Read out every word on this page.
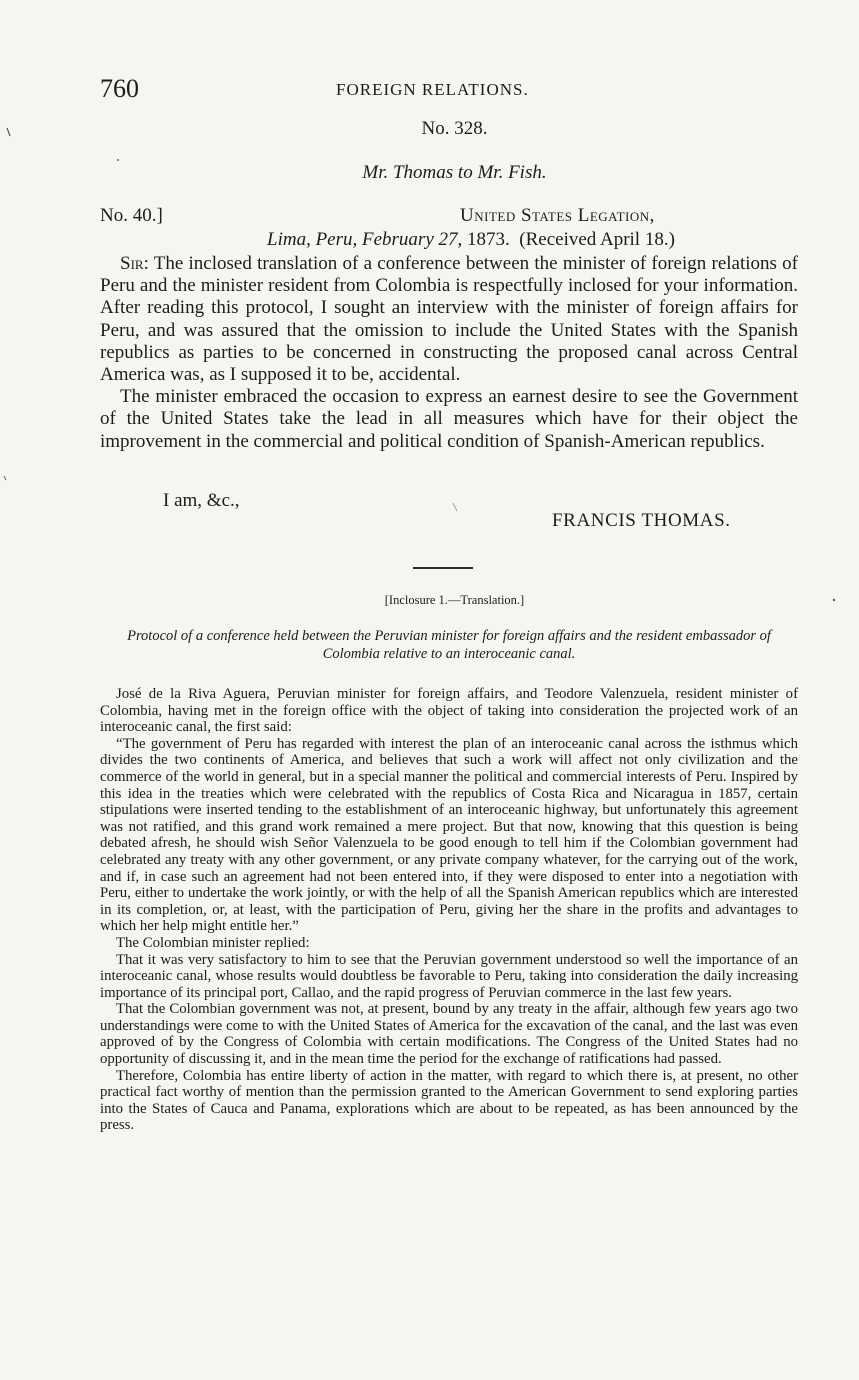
760	FOREIGN RELATIONS.
No. 328.
Mr. Thomas to Mr. Fish.
No. 40.]	United States Legation,
Lima, Peru, February 27, 1873. (Received April 18.)

Sir: The inclosed translation of a conference between the minister of foreign relations of Peru and the minister resident from Colombia is respectfully inclosed for your information. After reading this protocol, I sought an interview with the minister of foreign affairs for Peru, and was assured that the omission to include the United States with the Spanish republics as parties to be concerned in constructing the proposed canal across Central America was, as I supposed it to be, accidental.

The minister embraced the occasion to express an earnest desire to see the Government of the United States take the lead in all measures which have for their object the improvement in the commercial and political condition of Spanish-American republics.

I am, &c.,
FRANCIS THOMAS.
[Inclosure 1.—Translation.]
Protocol of a conference held between the Peruvian minister for foreign affairs and the resident embassador of Colombia relative to an interoceanic canal.

José de la Riva Aguera, Peruvian minister for foreign affairs, and Teodore Valenzuela, resident minister of Colombia, having met in the foreign office with the object of taking into consideration the projected work of an interoceanic canal, the first said:

“The government of Peru has regarded with interest the plan of an interoceanic canal across the isthmus which divides the two continents of America, and believes that such a work will affect not only civilization and the commerce of the world in general, but in a special manner the political and commercial interests of Peru. Inspired by this idea in the treaties which were celebrated with the republics of Costa Rica and Nicaragua in 1857, certain stipulations were inserted tending to the establishment of an interoceanic highway, but unfortunately this agreement was not ratified, and this grand work remained a mere project. But that now, knowing that this question is being debated afresh, he should wish Señor Valenzuela to be good enough to tell him if the Colombian government had celebrated any treaty with any other government, or any private company whatever, for the carrying out of the work, and if, in case such an agreement had not been entered into, if they were disposed to enter into a negotiation with Peru, either to undertake the work jointly, or with the help of all the Spanish American republics which are interested in its completion, or, at least, with the participation of Peru, giving her the share in the profits and advantages to which her help might entitle her.”

The Colombian minister replied:

That it was very satisfactory to him to see that the Peruvian government understood so well the importance of an interoceanic canal, whose results would doubtless be favorable to Peru, taking into consideration the daily increasing importance of its principal port, Callao, and the rapid progress of Peruvian commerce in the last few years.

That the Colombian government was not, at present, bound by any treaty in the affair, although few years ago two understandings were come to with the United States of America for the excavation of the canal, and the last was even approved of by the Congress of Colombia with certain modifications. The Congress of the United States had no opportunity of discussing it, and in the mean time the period for the exchange of ratifications had passed.

Therefore, Colombia has entire liberty of action in the matter, with regard to which there is, at present, no other practical fact worthy of mention than the permission granted to the American Government to send exploring parties into the States of Cauca and Panama, explorations which are about to be repeated, as has been announced by the press.
